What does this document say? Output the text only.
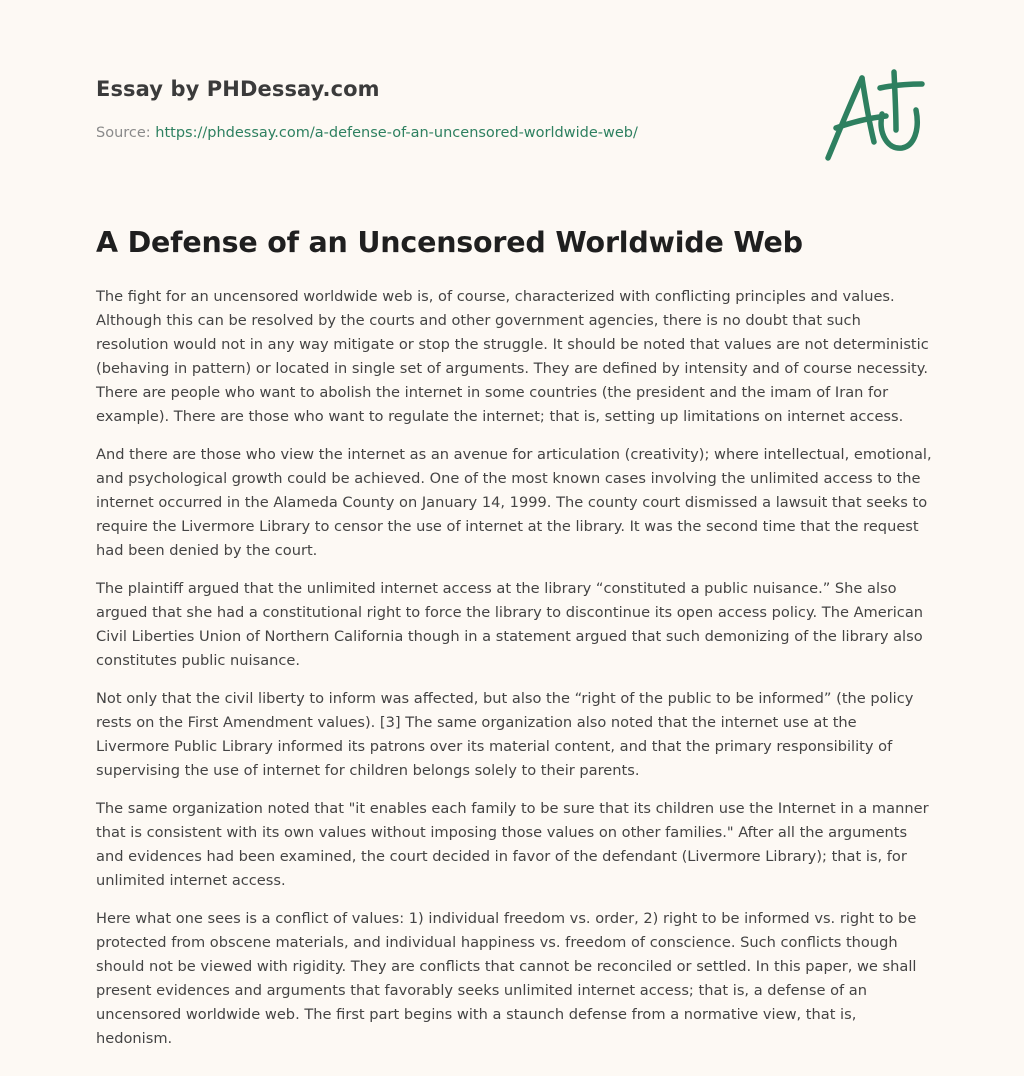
Essay by PHDessay.com
Source: https://phdessay.com/a-defense-of-an-uncensored-worldwide-web/
A Defense of an Uncensored Worldwide Web

The fight for an uncensored worldwide web is, of course, characterized with conflicting principles and values. Although this can be resolved by the courts and other government agencies, there is no doubt that such resolution would not in any way mitigate or stop the struggle. It should be noted that values are not deterministic (behaving in pattern) or located in single set of arguments. They are defined by intensity and of course necessity. There are people who want to abolish the internet in some countries (the president and the imam of Iran for example). There are those who want to regulate the internet; that is, setting up limitations on internet access.

And there are those who view the internet as an avenue for articulation (creativity); where intellectual, emotional, and psychological growth could be achieved. One of the most known cases involving the unlimited access to the internet occurred in the Alameda County on January 14, 1999. The county court dismissed a lawsuit that seeks to require the Livermore Library to censor the use of internet at the library. It was the second time that the request had been denied by the court.

The plaintiff argued that the unlimited internet access at the library “constituted a public nuisance.” She also argued that she had a constitutional right to force the library to discontinue its open access policy. The American Civil Liberties Union of Northern California though in a statement argued that such demonizing of the library also constitutes public nuisance.

Not only that the civil liberty to inform was affected, but also the “right of the public to be informed” (the policy rests on the First Amendment values). [3] The same organization also noted that the internet use at the Livermore Public Library informed its patrons over its material content, and that the primary responsibility of supervising the use of internet for children belongs solely to their parents.

The same organization noted that "it enables each family to be sure that its children use the Internet in a manner that is consistent with its own values without imposing those values on other families." After all the arguments and evidences had been examined, the court decided in favor of the defendant (Livermore Library); that is, for unlimited internet access.

Here what one sees is a conflict of values: 1) individual freedom vs. order, 2) right to be informed vs. right to be protected from obscene materials, and individual happiness vs. freedom of conscience. Such conflicts though should not be viewed with rigidity. They are conflicts that cannot be reconciled or settled. In this paper, we shall present evidences and arguments that favorably seeks unlimited internet access; that is, a defense of an uncensored worldwide web. The first part begins with a staunch defense from a normative view, that is, hedonism.
